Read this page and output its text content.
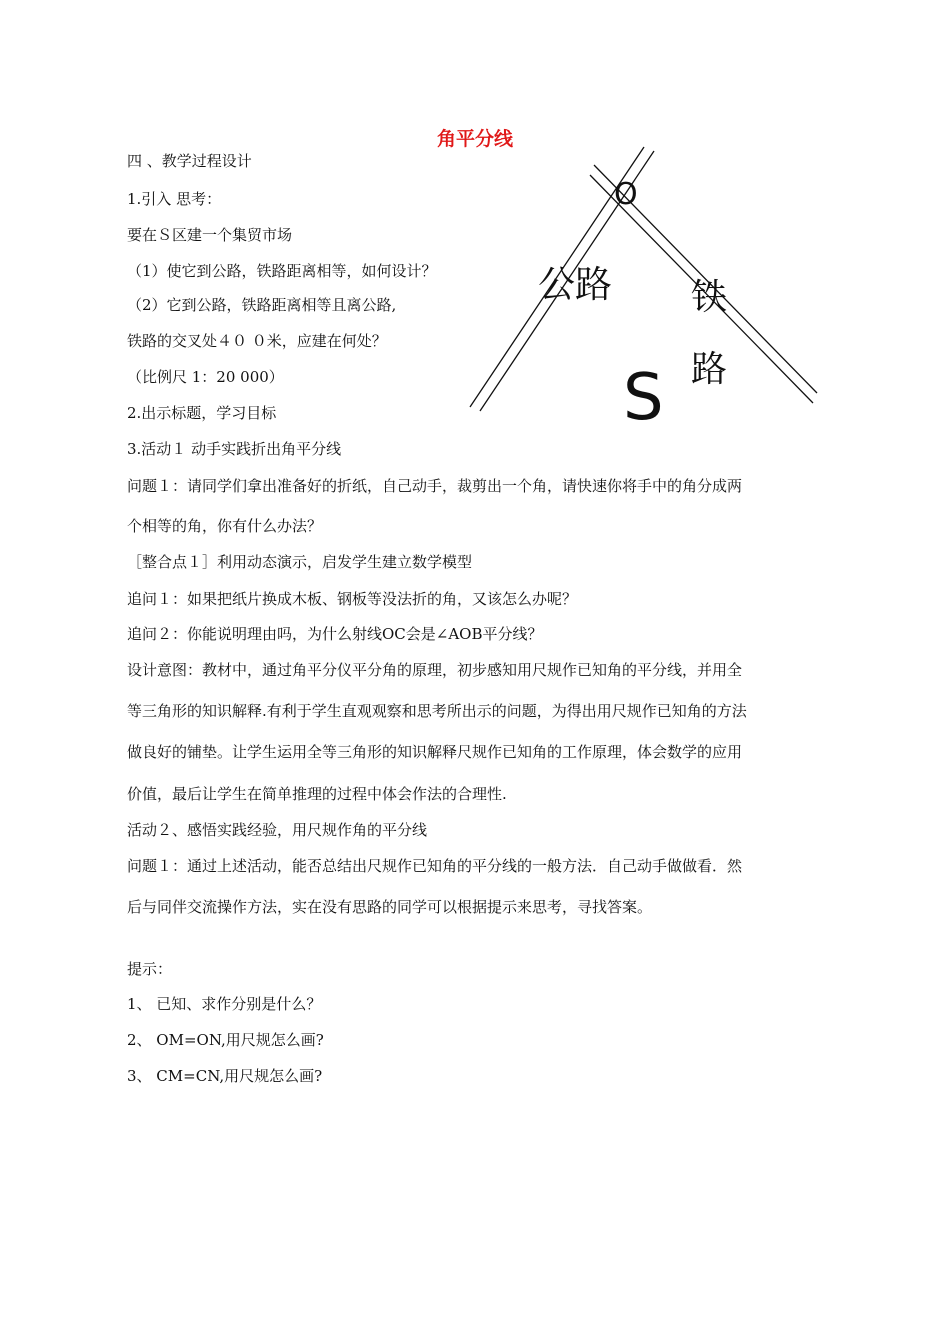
角平分线
四 、教学过程设计
1.引入 思考：
要在Ｓ区建一个集贸市场
（1）使它到公路，铁路距离相等，如何设计？
（2）它到公路，铁路距离相等且离公路,
铁路的交叉处４０ ０米，应建在何处？
（比例尺 1：20 000）
2.出示标题，学习目标
3.活动１ 动手实践折出角平分线
问题１：请同学们拿出准备好的折纸，自己动手，裁剪出一个角，请快速你将手中的角分成两
个相等的角，你有什么办法？
［整合点１］利用动态演示，启发学生建立数学模型
追问１：如果把纸片换成木板、钢板等没法折的角，又该怎么办呢？
追问２：你能说明理由吗，为什么射线OC会是∠AOB平分线？
设计意图：教材中，通过角平分仪平分角的原理，初步感知用尺规作已知角的平分线，并用全
等三角形的知识解释.有利于学生直观观察和思考所出示的问题，为得出用尺规作已知角的方法
做良好的铺垫。让学生运用全等三角形的知识解释尺规作已知角的工作原理，体会数学的应用
价值，最后让学生在简单推理的过程中体会作法的合理性.
活动２、感悟实践经验，用尺规作角的平分线
问题１：通过上述活动，能否总结出尺规作已知角的平分线的一般方法．自己动手做做看．然
后与同伴交流操作方法，实在没有思路的同学可以根据提示来思考，寻找答案。
提示：
1、 已知、求作分别是什么？
2、 OM=ON,用尺规怎么画?
3、 CM=CN,用尺规怎么画?
O
公路 铁
路
S
